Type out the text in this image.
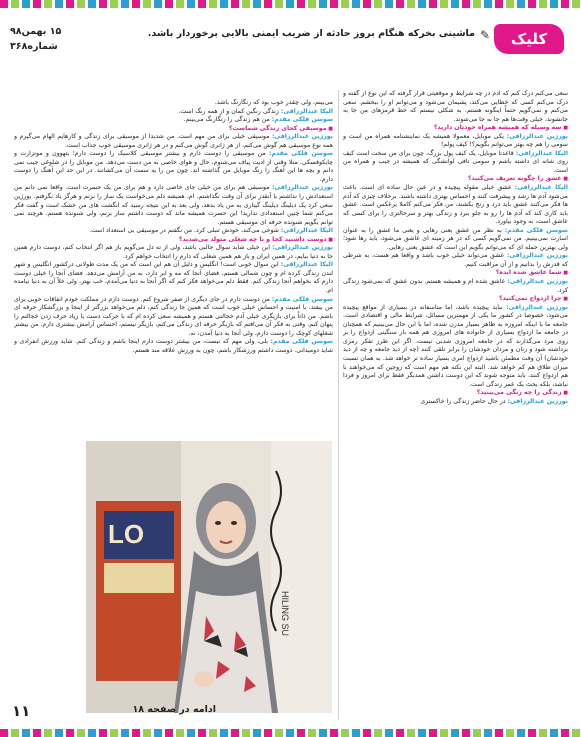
۱۵ بهمن۹۸
شماره۳۶۸
ماشینی بخرکه هنگام بروز حادثه از ضریب ایمنی بالایی برخوردار باشد. ✎	کلیک

سعی می‌کنم درک کنم که آدم در چه شرایط و موقعیتی قرار گرفته که این نوع از گفته و درک می‌کنم کسی که خطایی می‌کند، پشیمان می‌شود و می‌توانم او را ببخشم. سعی می‌کنم و نمی‌گویم حتماً اینگونه هستم. به شکلی نیستم که خط قرمزهای من جا به جانشوند، خیلی وقت‌ها هم جا به جا می‌شوند.

■ سه وسیله که همیشه همراه خودتان دارید؟

بورژین عبدالرزاقی: یکی موبایل، معمولا همیشه یک نماینشنامه همراه من است و سومی را هم چه بهتر می‌توانم بگویم؟! کیف پولم!

الیکا عبدالرزاقی: قاعدتا موبایل، یک کیف پول بزرگ، چون برای من سخت است کیف روی شانه ای داشته باشم و سومی تافی لوانشگی که همیشه در جیب و همراه من است.

■ عشق را چگونه تعریف می‌کنید؟

الیکا عبدالرزاقی: عشق خیلی مقوله پیچیده و در عین حال ساده ای است. باعث می‌شود آدم ها رشد و پیشرفت کنند و احساس بهتری داشته باشند. برخلاف چیزی که آدم ها فکر می‌کنند عشق باید درد و رنج بکشند، من فکر می‌کنم کاملا برعکس است. عشق باید کاری کند که آدم ها را رو به جلو ببرد و زندگی بهتر و سرحالتری را برای کسی که عاشق است، به وجود بیاورد.

سوسن قلکی مقدم: به نظر من عشق یعنی رهایی و یعنی ما عشق را به عنوان اسارت نمی‌بینیم. من نمی‌گویم کسی که در هر زمینه ای عاشق می‌شود، باید رها شود؛ ولی بهترین جمله ای که می‌توانم بگویم این است که عشق یعنی رهایی.

بورژین عبدالرزاقی: عشق می‌تواند خیلی خوب باشد و واقعا هم هست، به شرطی که قدرش را بدانیم و از آن مراقبت کنیم.

■ شما عاشق شده ایده؟

بورژین عبدالرزاقی: عاشق شده ام و همیشه هستم. بدون عشق که نمی‌شود زندگی کرد.

■ چرا ازدواج نمی‌کنید؟

بورژین عبدالرزاقی: نباید پیچیده باشد، اما متاسفانه در بسیاری از مواقع پیچیده می‌شود، خصوصا در کشور ما یکی از مهمترین مسائل، شرایط مالی و اقتصادی است. جامعه ما با اینکه امروزه به ظاهر بسیار مدرن شده، اما با این حال می‌بینیم که همچنان در جامعه ما ازدواج بسیاری از خانواده های امروزی هم همه بار سنگینی ازدواج را بر روی مرد می‌گذارند که در جامعه امروزی شدنی نیست. اگر این طرز تفکر رمزی برداشته شود و زنان و مردان خودشان را برابر تلقی کنند (چه از دید جامعه و چه از دید خودشان) آن وقت مطمئن باشید ازدواج امری بسیار ساده تر خواهد شد. به همان نسبت میزان طلاق هم کم خواهد شد. البته این نکته هم مهم است که زوجین که می‌خواهند با هم ازدواج کنند، باید متوجه شوند که این دوست داشتن همدیگر فقط برای امروز و فردا نباشد، بلکه بحث یک عمر زندگی است.

■ زندگی را چه رنگی می‌بینید؟

بورژین عبدالرزاقی: در حال حاضر زندگی را خاکستری

می‌بینم، ولی چقدر خوب بود که رنگارنگ باشد.

الیکا عبدالرزاقی: زندگی رنگین کمان و از همه رنگ است.

سوسن قلکی مقدم: من هم زندگی را رنگارنگ می‌بینم.

■ موسیقی کجای زندگی شماست؟

بورژین عبدالرزاقی: موسیقی خیلی برای من مهم است. من شدیدا از موسیقی برای زندگی و کارهایم الهام می‌گیرم و همه نوع موسیقی هم گوش می‌کنم، از هر ژانری گوش می‌کنم و در هر ژانری موسیقی خوب جذاب است.

سوسن قلکی مقدم: من موسیقی را دوست دارم و بیشتر موسیقی کلاسیک را دوست دارم؛ بتهوون و موتزارت و چایکوفسکی. متلا وقتی از ادیت پیاف می‌شنوم، حال و هوای خاصی به من دست می‌دهد. من موبایل را در شلوغی جیب نمی دانم و بچه ها این آهنگ را رنگ موبایل من گذاشته اند. چون من را یه سمت آن می‌کشانند. در این حد این آهنگ را دوست دارم.

بورژین عبدالرزاقی: موسیقی هم برای من خیلی جای خاصی دارد و هم برای من یک حسرت است. واقعا نمی دانم من استعدادش را نداشتم یا آنقدر برای آن وقت نگذاشتم. ام، همیشه دلم می‌خواست یک ساز را بزنم و هرگز یاد نگرفتم. بورژین سعی کرد یک دیلینگ دیلینگ گیتاری به من یاد بدهد، ولی بعد به این نتیجه رسید که انگشت های من خشک است و گفت فکر می‌کنم شما چنین استعدادی ندارید! این حسرت همیشه ماند که دوست داشتم ساز بزنم، ولی شنونده هستم. هرچند نمی توانم بگویم شنونده حرفه ای موسیقی هستم.

الیکا عبدالرزاقی: شوخی می‌کند، خودش تنبلی کرد. من نگفتم در موسیقی بی استعداد است.

■ دوست داشتید کجا و با چه شغلی متولد می‌شدید؟

بورژین عبدالرزاقی: این خیلی شاید سوال جالبی باشد، ولی از ته دل می‌گویم باز هم اگر انتخاب کنم، دوست دارم همین جا به دنیا بیایم، در همین ایران و باز هم همین شغلی که دارم را انتخاب خواهم کرد.

الیکا عبدالرزاقی: این سوال خوبی است! انگلیس و دلیل آن هم این است که من یک مدت طولانی درکشور انگلیس و شهر لندن زندگی کرده ام و چون شمالی هستم، فضای آنجا که مه و ابر دارد، به من آرامش می‌دهد. فضای آنجا را خیلی دوست دارم که بخواهم آنجا زندگی کنم. فقط دلم می‌خواهد فکر کنم که اگر آنجا به دنیا می‌آمدم، خب بهتر، ولی خلاً آن به دنیا نیامده ام.

سوسن قلکی مقدم: من دوست دارم در جای دیگری از صفر شروع کنم. دوست دارم در مملکت خودم اتفاقات خوبی برای من بیفتد، با امنیت و احساس خیلی خوب است که همین جا زندگی کنم، دلم می‌خواهد بزرگتر از اینجا و بزرگشکار حرفه ای باشم. من ذاتاً برای بازیگری خیلی آدم خجالتی هستم و همیشه سعی کرده ام که با حرکت دست یا زیاد حرف زدن خجالتم را پنهان کنم. وقتی به فکر آن می‌افتم که بازیگر حرفه ای زندگی می‌کنم، بازیگر نیستم، احساس آرامش بیشتری دارم. من بیشتر شغلهای کوچک را دوست دارم، ولی آنجا به دنیا آمدن، نه.

سوسن قلکی مقدم: بلی، ولی مهم که نیست، من بیشتر دوست دارم اینجا باشم و زندگی کنم. شاید ورزش انفرادی و شاید دومیدانی. دوست داشتم ورزشکار باشم، چون به ورزش علاقه مند هستم.

LO
HILING SU
۱۱	ادامه در صفحه ۱۸
